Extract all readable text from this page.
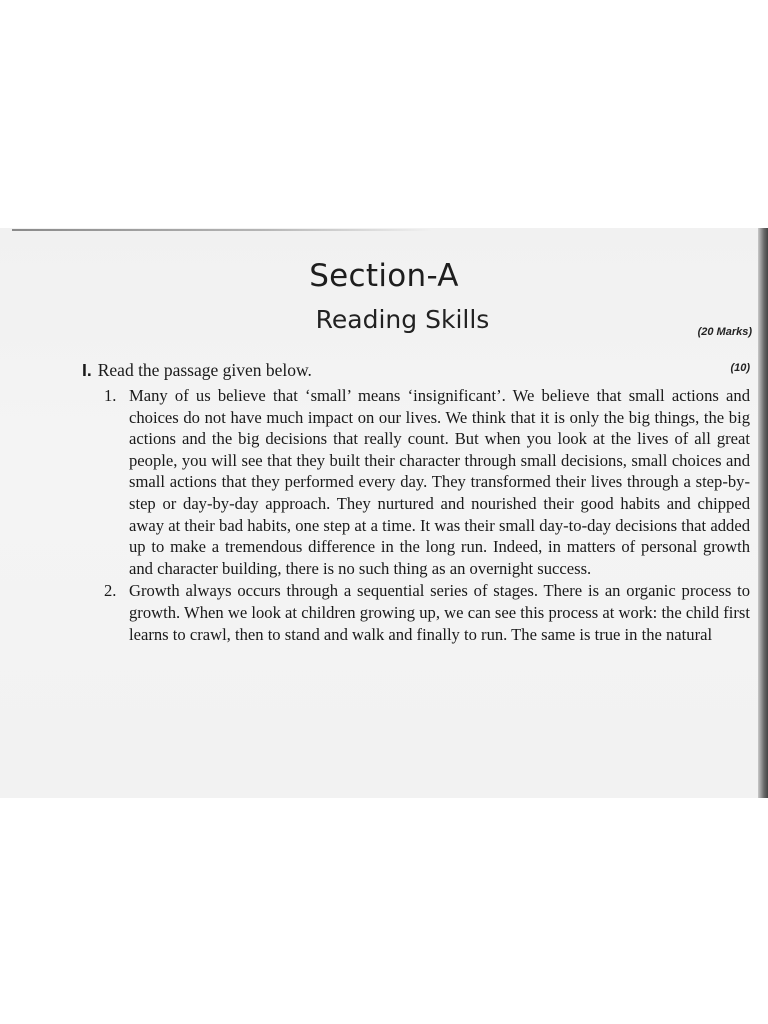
Section-A
Reading Skills	(20 Marks)
I. Read the passage given below.	(10)
1. Many of us believe that ‘small’ means ‘insignificant’. We believe that small actions and choices do not have much impact on our lives. We think that it is only the big things, the big actions and the big decisions that really count. But when you look at the lives of all great people, you will see that they built their character through small decisions, small choices and small actions that they performed every day. They transformed their lives through a step-by-step or day-by-day approach. They nurtured and nourished their good habits and chipped away at their bad habits, one step at a time. It was their small day-to-day decisions that added up to make a tremendous difference in the long run. Indeed, in matters of personal growth and character building, there is no such thing as an overnight success.
2. Growth always occurs through a sequential series of stages. There is an organic process to growth. When we look at children growing up, we can see this process at work: the child first learns to crawl, then to stand and walk and finally to run. The same is true in the natural
